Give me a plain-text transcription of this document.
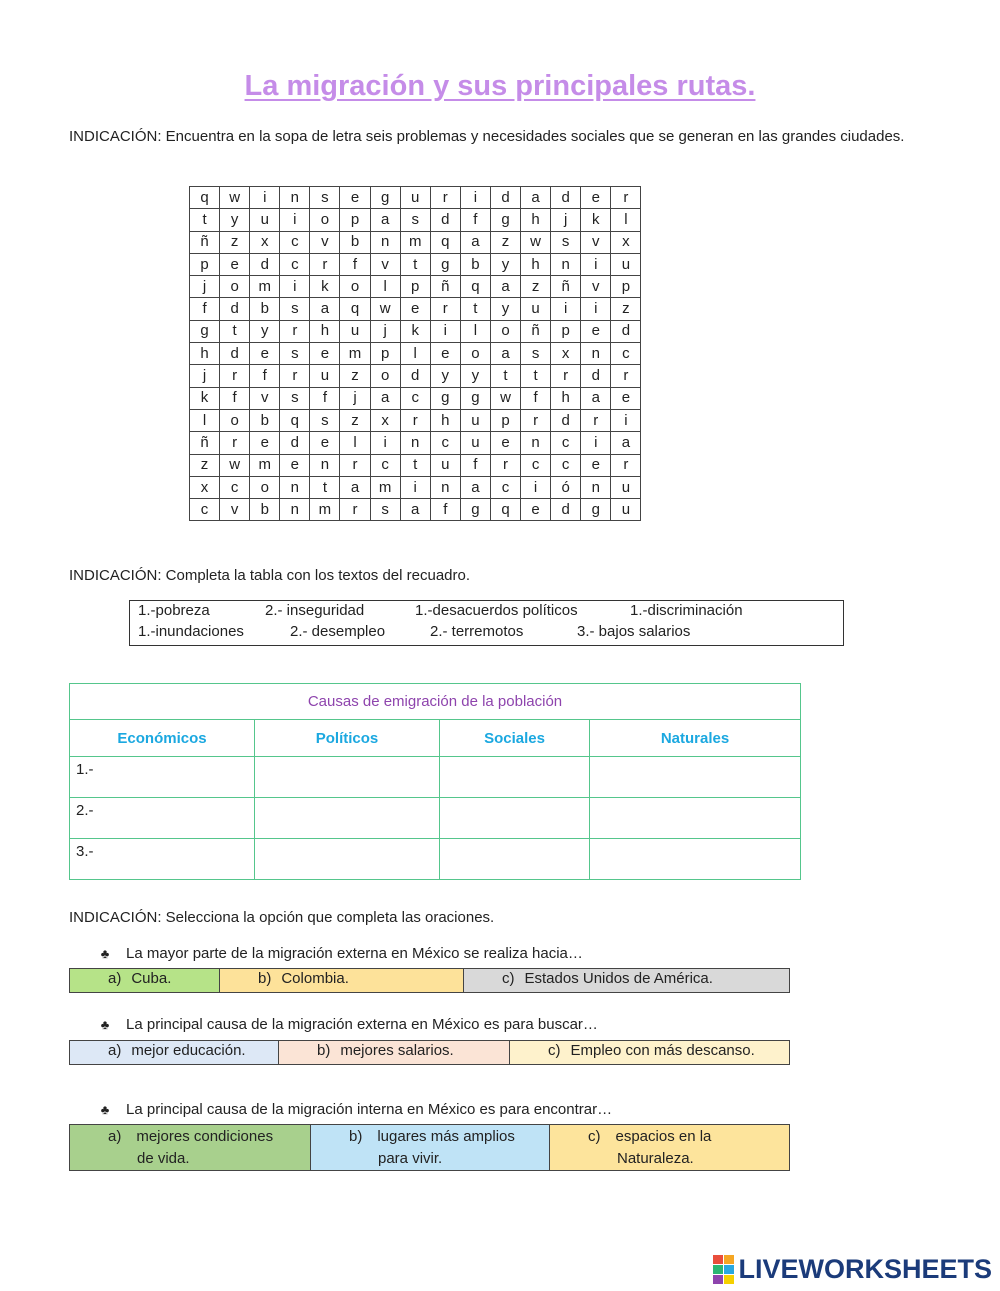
La migración y sus principales rutas.
INDICACIÓN: Encuentra en la sopa de letra seis problemas y necesidades sociales que se generan en las grandes ciudades.
q	w	i	n	s	e	g	u	r	i	d	a	d	e	r
t	y	u	i	o	p	a	s	d	f	g	h	j	k	l
ñ	z	x	c	v	b	n	m	q	a	z	w	s	v	x
p	e	d	c	r	f	v	t	g	b	y	h	n	i	u
j	o	m	i	k	o	l	p	ñ	q	a	z	ñ	v	p
f	d	b	s	a	q	w	e	r	t	y	u	i	i	z
g	t	y	r	h	u	j	k	i	l	o	ñ	p	e	d
h	d	e	s	e	m	p	l	e	o	a	s	x	n	c
j	r	f	r	u	z	o	d	y	y	t	t	r	d	r
k	f	v	s	f	j	a	c	g	g	w	f	h	a	e
l	o	b	q	s	z	x	r	h	u	p	r	d	r	i
ñ	r	e	d	e	l	i	n	c	u	e	n	c	i	a
z	w	m	e	n	r	c	t	u	f	r	c	c	e	r
x	c	o	n	t	a	m	i	n	a	c	i	ó	n	u
c	v	b	n	m	r	s	a	f	g	q	e	d	g	u
INDICACIÓN: Completa la tabla con los textos del recuadro.
1.-pobreza	2.- inseguridad	1.-desacuerdos políticos	1.-discriminación
1.-inundaciones	2.- desempleo	2.- terremotos	3.- bajos salarios
Causas de emigración de la población			
Económicos	Políticos	Sociales	Naturales
1.-			
2.-			
3.-			
INDICACIÓN: Selecciona la opción que completa las oraciones.
♣ La mayor parte de la migración externa en México se realiza hacia…
a) Cuba.	b) Colombia.	c) Estados Unidos de América.
♣ La principal causa de la migración externa en México es para buscar…
a) mejor educación.	b) mejores salarios.	c) Empleo con más descanso.
♣ La principal causa de la migración interna en México es para encontrar…
a) mejores condiciones
de vida.
b) lugares más amplios
para vivir.
c) espacios en la
Naturaleza.
LIVEWORKSHEETS
